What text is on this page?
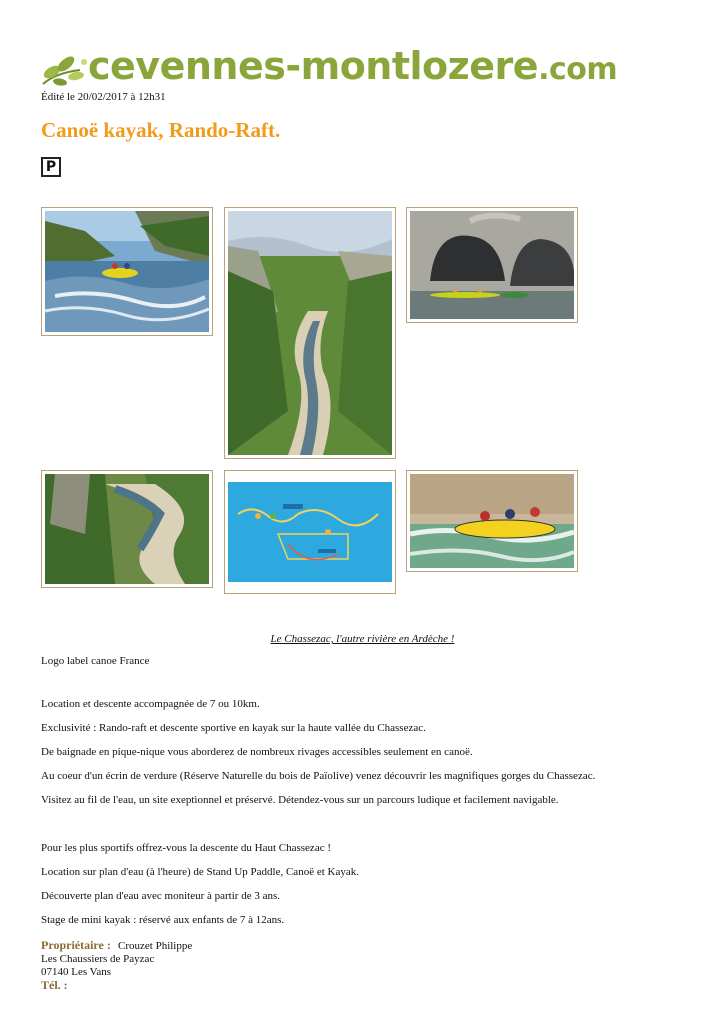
cevennes-montlozere.com
Édité le 20/02/2017 à 12h31
Canoë kayak, Rando-Raft.
P
Le Chassezac, l'autre rivière en Ardèche !

Logo label canoe France

Location et descente accompagnée de 7 ou 10km.

Exclusivité : Rando-raft et descente sportive en kayak sur la haute vallée du Chassezac.

De baignade en pique-nique vous aborderez de nombreux rivages accessibles seulement en canoë.

Au coeur d'un écrin de verdure (Réserve Naturelle du bois de Païolive) venez découvrir les magnifiques gorges du Chassezac.

Visitez au fil de l'eau, un site exeptionnel et préservé. Détendez-vous sur un parcours ludique et facilement navigable.

Pour les plus sportifs offrez-vous la descente du Haut Chassezac !

Location sur plan d'eau (à l'heure) de Stand Up Paddle, Canoë et Kayak.

Découverte plan d'eau avec moniteur à partir de 3 ans.

Stage de mini kayak : réservé aux enfants de 7 à 12ans.

Propriétaire : Crouzet Philippe
Les Chaussiers de Payzac
07140 Les Vans
Tél. :
